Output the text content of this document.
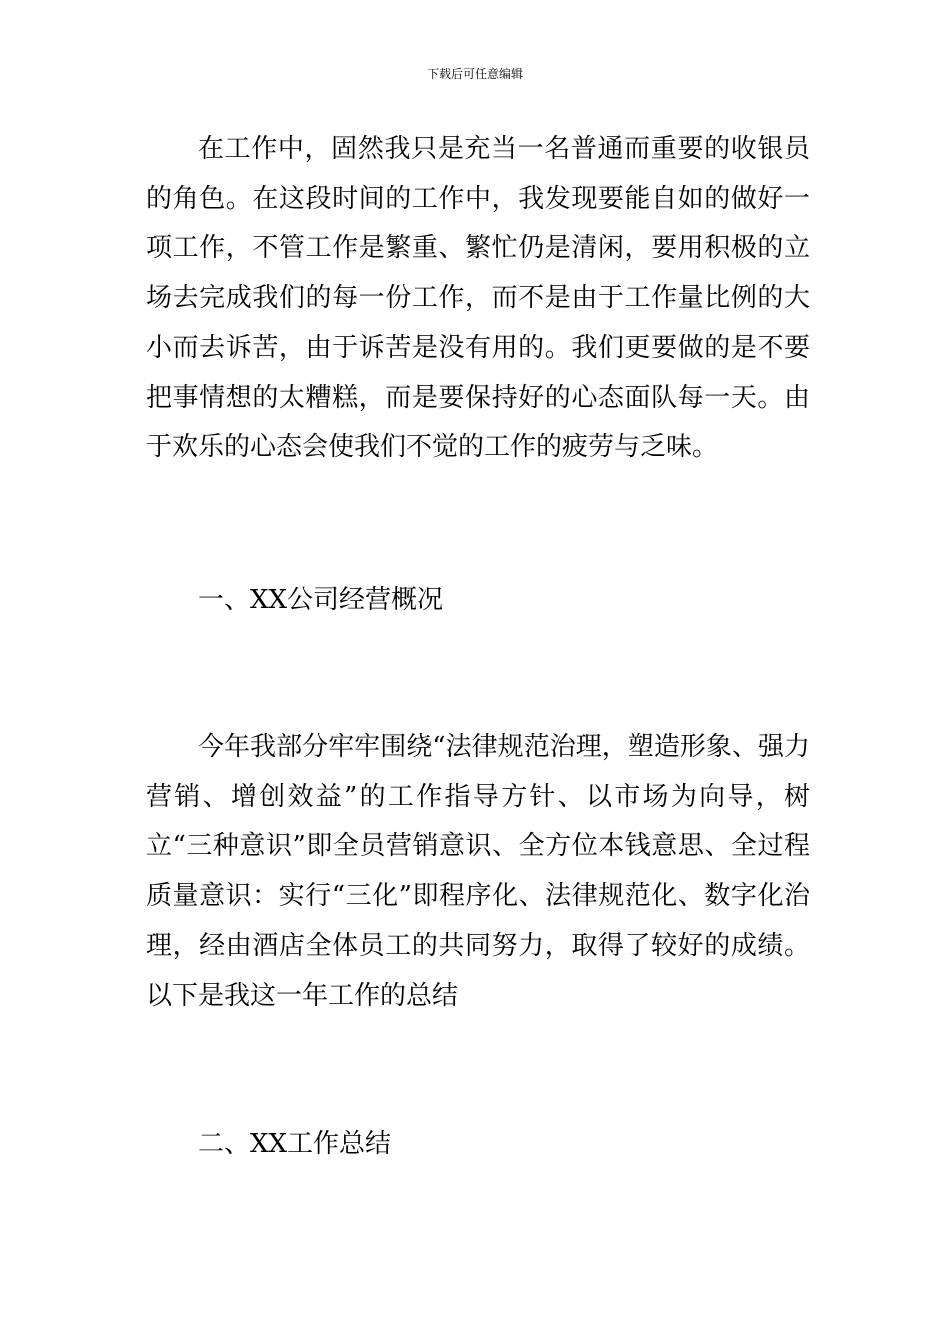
下载后可任意编辑

在工作中，固然我只是充当一名普通而重要的收银员的角色。在这段时间的工作中，我发现要能自如的做好一项工作，不管工作是繁重、繁忙仍是清闲，要用积极的立场去完成我们的每一份工作，而不是由于工作量比例的大小而去诉苦，由于诉苦是没有用的。我们更要做的是不要把事情想的太糟糕，而是要保持好的心态面队每一天。由于欢乐的心态会使我们不觉的工作的疲劳与乏味。

一、XX公司经营概况

今年我部分牢牢围绕“法律规范治理，塑造形象、强力营销、增创效益”的工作指导方针、以市场为向导，树立“三种意识”即全员营销意识、全方位本钱意思、全过程质量意识：实行“三化”即程序化、法律规范化、数字化治理，经由酒店全体员工的共同努力，取得了较好的成绩。以下是我这一年工作的总结

二、XX工作总结
